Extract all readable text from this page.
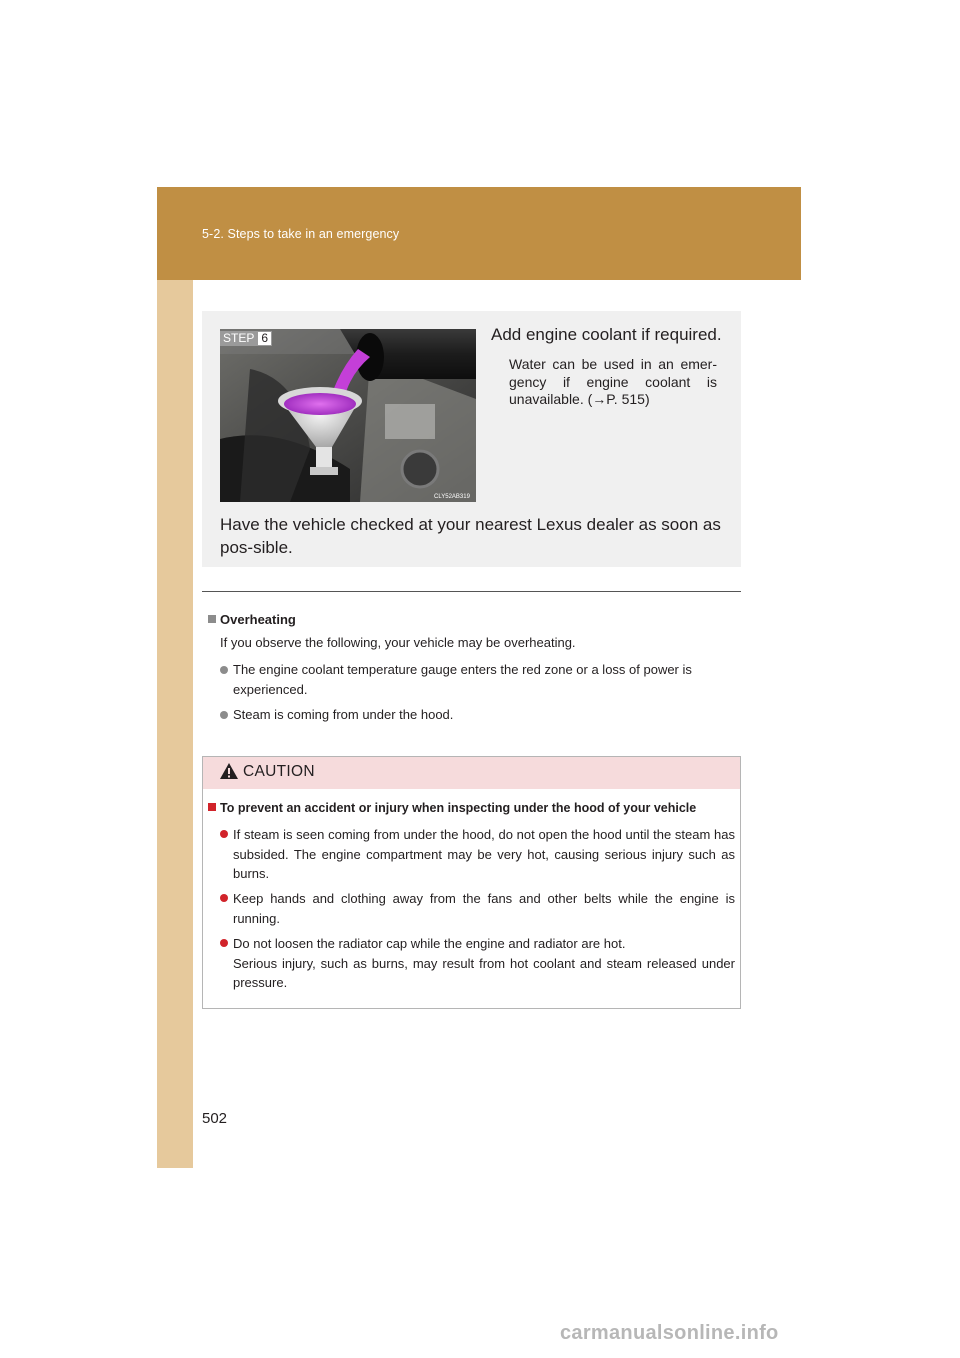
5-2. Steps to take in an emergency
STEP 6
CLY52AB319
Add engine coolant if required.
Water can be used in an emer-gency if engine coolant is unavailable. (→P. 515)
Have the vehicle checked at your nearest Lexus dealer as soon as pos-sible.
Overheating
If you observe the following, your vehicle may be overheating.
The engine coolant temperature gauge enters the red zone or a loss of power is experienced.
Steam is coming from under the hood.
CAUTION
To prevent an accident or injury when inspecting under the hood of your vehicle
If steam is seen coming from under the hood, do not open the hood until the steam has subsided. The engine compartment may be very hot, causing serious injury such as burns.
Keep hands and clothing away from the fans and other belts while the engine is running.
Do not loosen the radiator cap while the engine and radiator are hot.
Serious injury, such as burns, may result from hot coolant and steam released under pressure.
502
carmanualsonline.info
